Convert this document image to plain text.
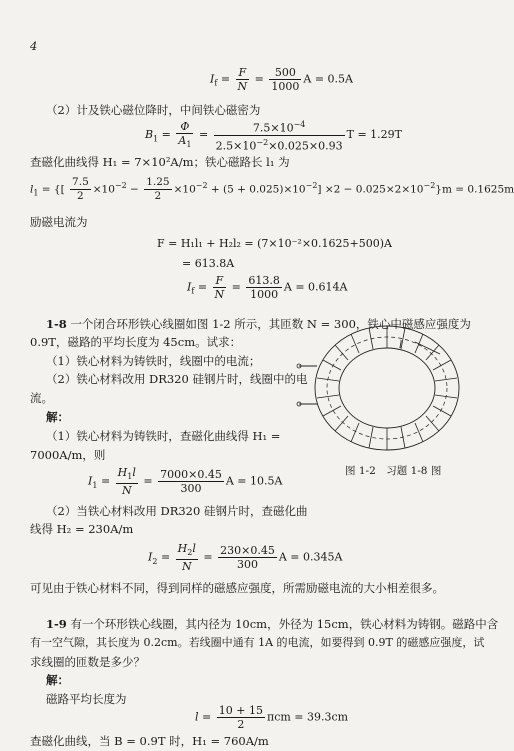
4
$I_f = \frac{F}{N} = \frac{500}{1000}$ A = 0.5A
（2）计及铁心磁位降时，中间铁心磁密为
$B_1 = \frac{\Phi}{A_1} = \frac{7.5\times 10^{-4}}{2.5\times 10^{-2}\times 0.025\times 0.93}$ T = 1.29T
查磁化曲线得 H₁ = 7×10²A/m；铁心磁路长 l₁ 为
$l_1$ = {[ $\frac{7.5}{2} \times 10^{-2} - \frac{1.25}{2} \times 10^{-2} + (5 + 0.025)\times 10^{-2}] \times 2 - 0.025\times 2\times 10^{-2}\}m = 0.1625m$
励磁电流为
F = H₁l₁ + H₂l₂ = (7×10⁻²×0.1625+500)A
= 613.8A
$I_f = \frac{F}{N} = \frac{613.8}{1000}$ A = 0.614A
1-8 一个闭合环形铁心线圈如图 1-2 所示，其匝数 N = 300，铁心中磁感应强度为
0.9T，磁路的平均长度为 45cm。试求：
（1）铁心材料为铸铁时，线圈中的电流；
（2）铁心材料改用 DR320 硅钢片时，线圈中的电
流。
解：
（1）铁心材料为铸铁时，查磁化曲线得 H₁ =
7000A/m，则
$I_1 = \frac{H_1l}{N} = \frac{7000\times 0.45}{300}$ A = 10.5A
（2）当铁心材料改用 DR320 硅钢片时，查磁化曲
线得 H₂ = 230A/m
$I_2 = \frac{H_2l}{N} = \frac{230\times 0.45}{300}$ A = 0.345A
可见由于铁心材料不同，得到同样的磁感应强度，所需励磁电流的大小相差很多。
l
图 1-2　习题 1-8 图
1-9 有一个环形铁心线圈，其内径为 10cm，外径为 15cm，铁心材料为铸钢。磁路中含
有一空气隙，其长度为 0.2cm。若线圈中通有 1A 的电流，如要得到 0.9T 的磁感应强度，试
求线圈的匝数是多少？
解：
磁路平均长度为
$l = \frac{10 + 15}{2}$ πcm = 39.3cm
查磁化曲线，当 B = 0.9T 时，H₁ = 760A/m
